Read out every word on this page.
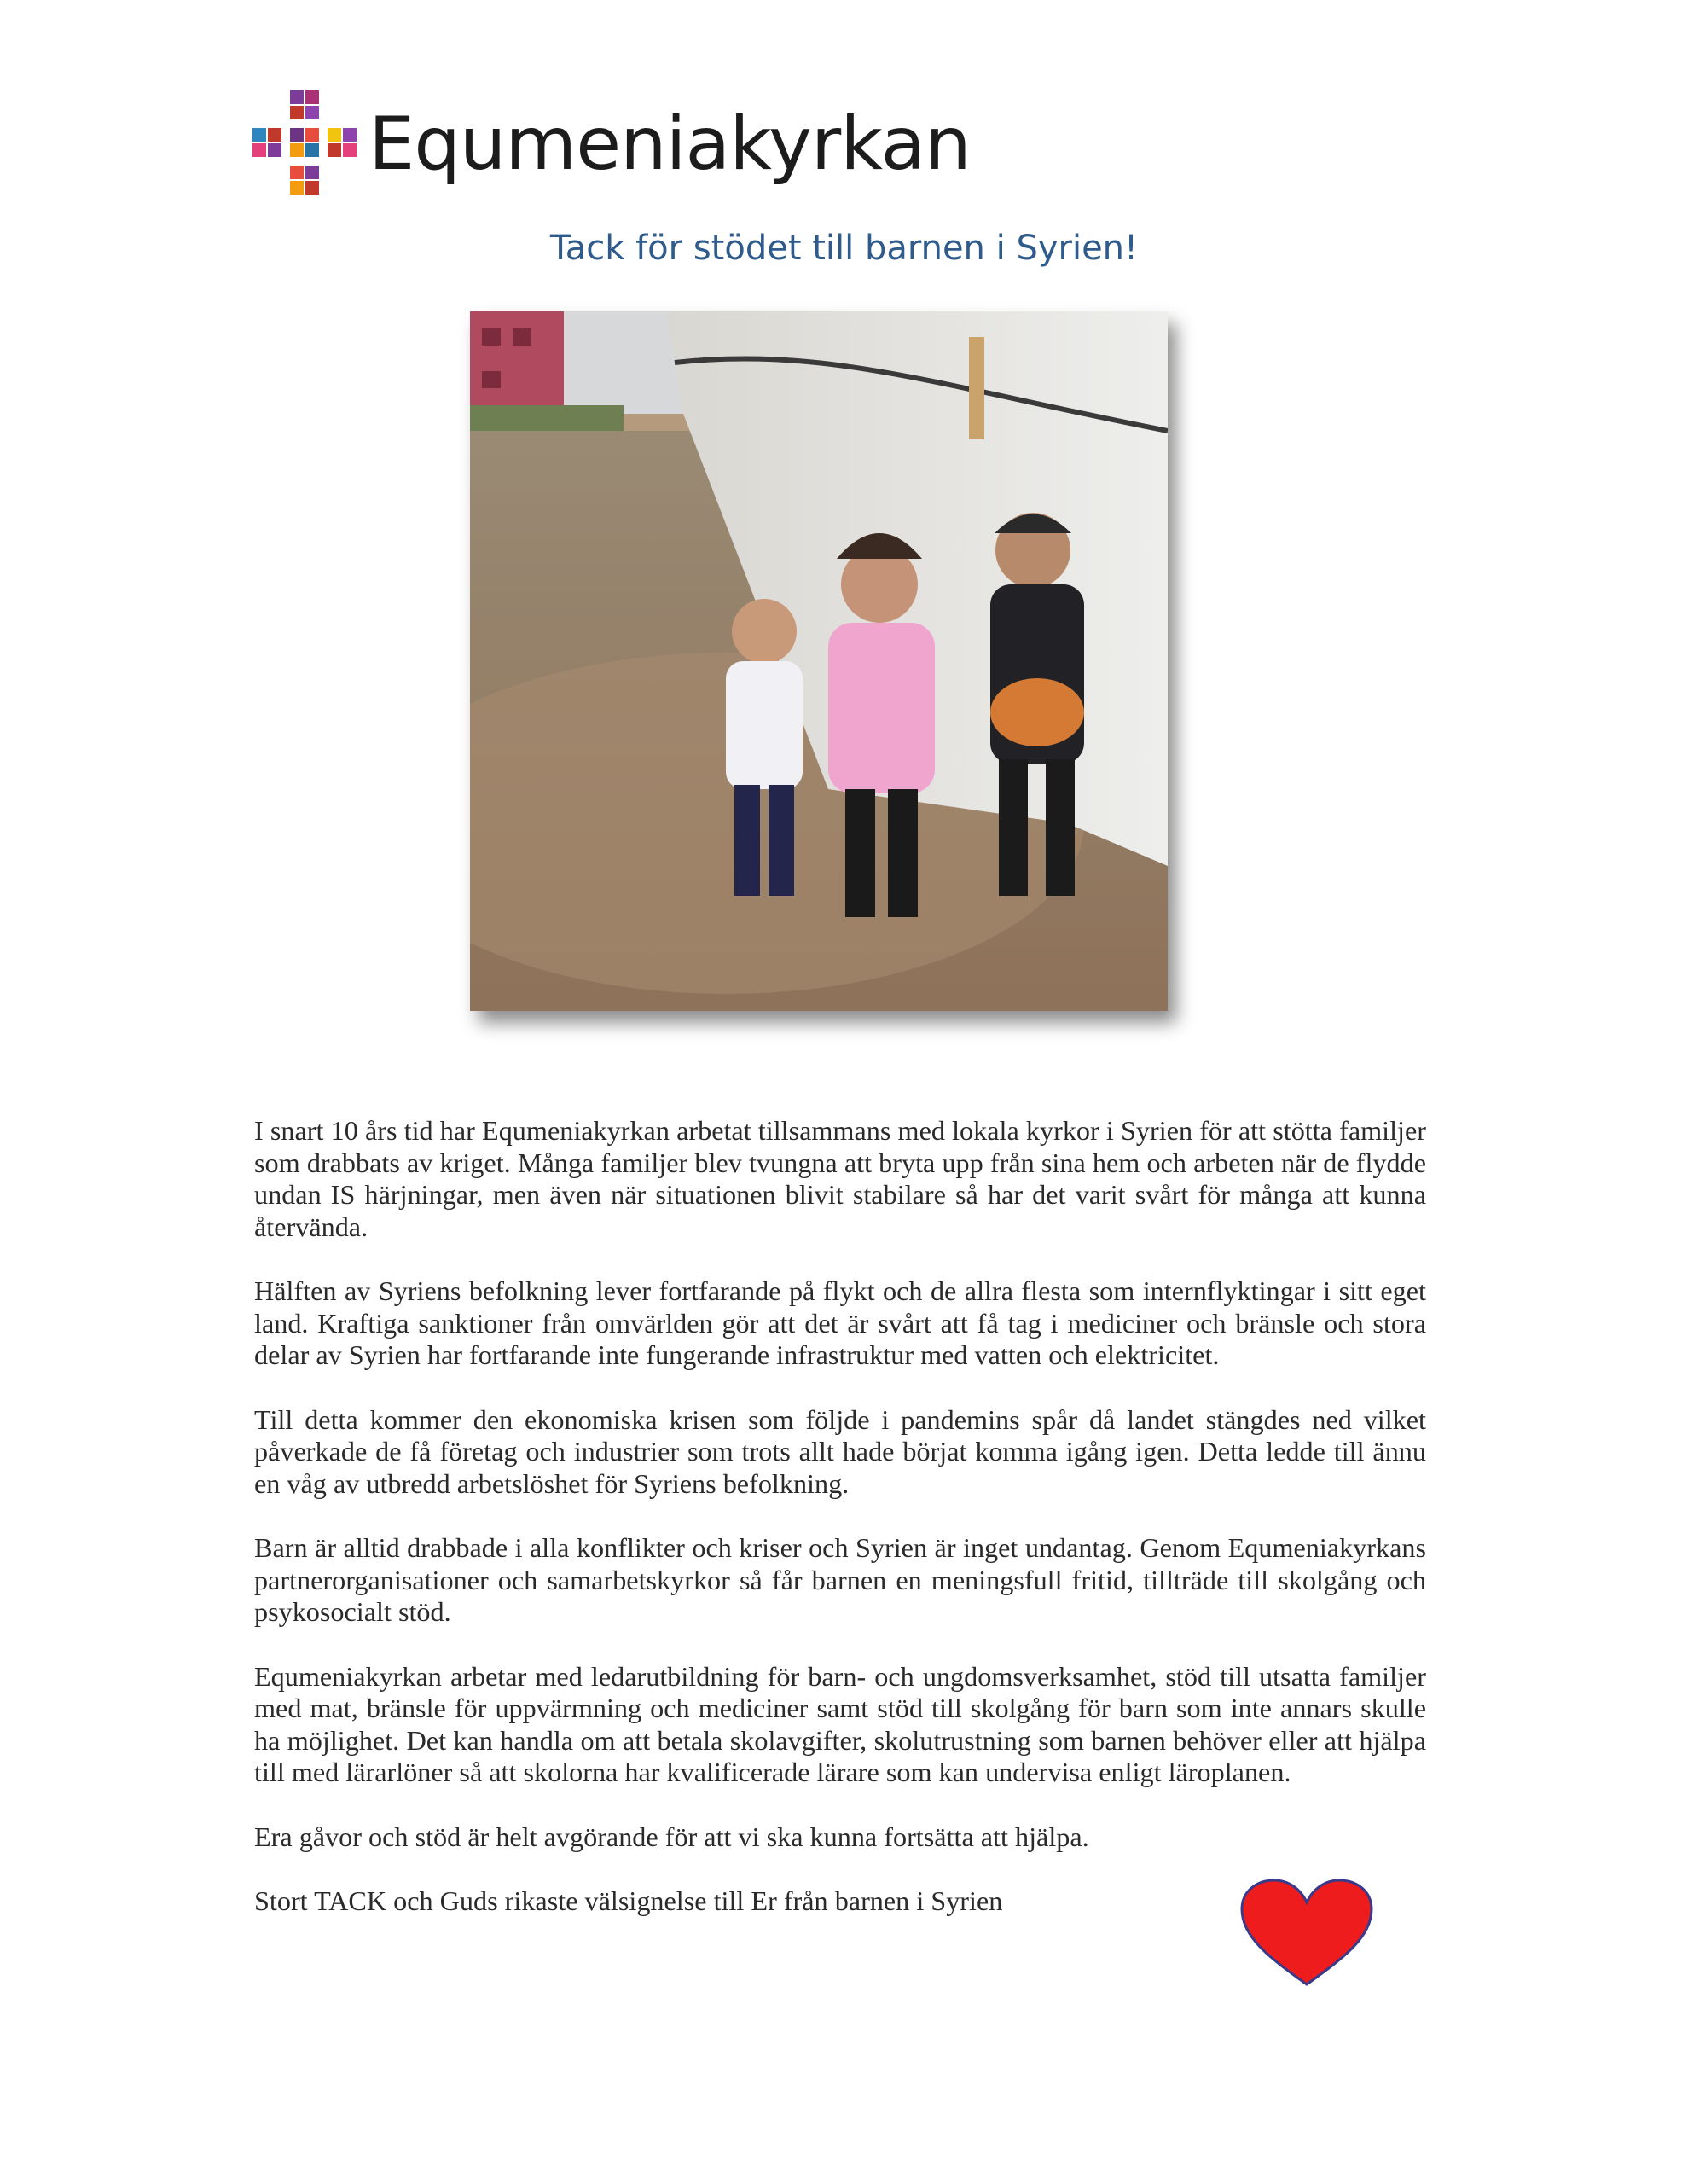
Equmeniakyrkan
Tack för stödet till barnen i Syrien!

I snart 10 års tid har Equmeniakyrkan arbetat tillsammans med lokala kyrkor i Syrien för att stötta familjer som drabbats av kriget. Många familjer blev tvungna att bryta upp från sina hem och arbeten när de flydde undan IS härjningar, men även när situationen blivit stabilare så har det varit svårt för många att kunna återvända.

Hälften av Syriens befolkning lever fortfarande på flykt och de allra flesta som internflyktingar i sitt eget land. Kraftiga sanktioner från omvärlden gör att det är svårt att få tag i mediciner och bränsle och stora delar av Syrien har fortfarande inte fungerande infrastruktur med vatten och elektricitet.

Till detta kommer den ekonomiska krisen som följde i pandemins spår då landet stängdes ned vilket påverkade de få företag och industrier som trots allt hade börjat komma igång igen. Detta ledde till ännu en våg av utbredd arbetslöshet för Syriens befolkning.

Barn är alltid drabbade i alla konflikter och kriser och Syrien är inget undantag. Genom Equmeniakyrkans partnerorganisationer och samarbetskyrkor så får barnen en meningsfull fritid, tillträde till skolgång och psykosocialt stöd.

Equmeniakyrkan arbetar med ledarutbildning för barn- och ungdomsverksamhet, stöd till utsatta familjer med mat, bränsle för uppvärmning och mediciner samt stöd till skolgång för barn som inte annars skulle ha möjlighet. Det kan handla om att betala skolavgifter, skolutrustning som barnen behöver eller att hjälpa till med lärarlöner så att skolorna har kvalificerade lärare som kan undervisa enligt läroplanen.

Era gåvor och stöd är helt avgörande för att vi ska kunna fortsätta att hjälpa.

Stort TACK och Guds rikaste välsignelse till Er från barnen i Syrien
